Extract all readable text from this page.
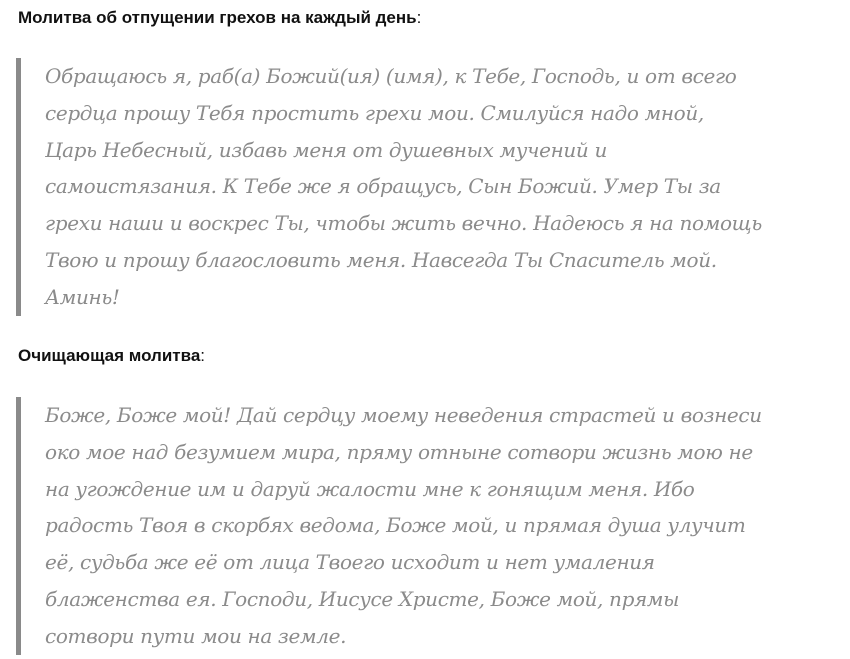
Молитва об отпущении грехов на каждый день:
Обращаюсь я, раб(а) Божий(ия) (имя), к Тебе, Господь, и от всего
сердца прошу Тебя простить грехи мои. Смилуйся надо мной,
Царь Небесный, избавь меня от душевных мучений и
самоистязания. К Тебе же я обращусь, Сын Божий. Умер Ты за
грехи наши и воскрес Ты, чтобы жить вечно. Надеюсь я на помощь
Твою и прошу благословить меня. Навсегда Ты Спаситель мой.
Аминь!
Очищающая молитва:
Боже, Боже мой! Дай сердцу моему неведения страстей и вознеси
око мое над безумием мира, пряму отныне сотвори жизнь мою не
на угождение им и даруй жалости мне к гонящим меня. Ибо
радость Твоя в скорбях ведома, Боже мой, и прямая душа улучит
её, судьба же её от лица Твоего исходит и нет умаления
блаженства ея. Господи, Иисусе Христе, Боже мой, прямы
сотвори пути мои на земле.
